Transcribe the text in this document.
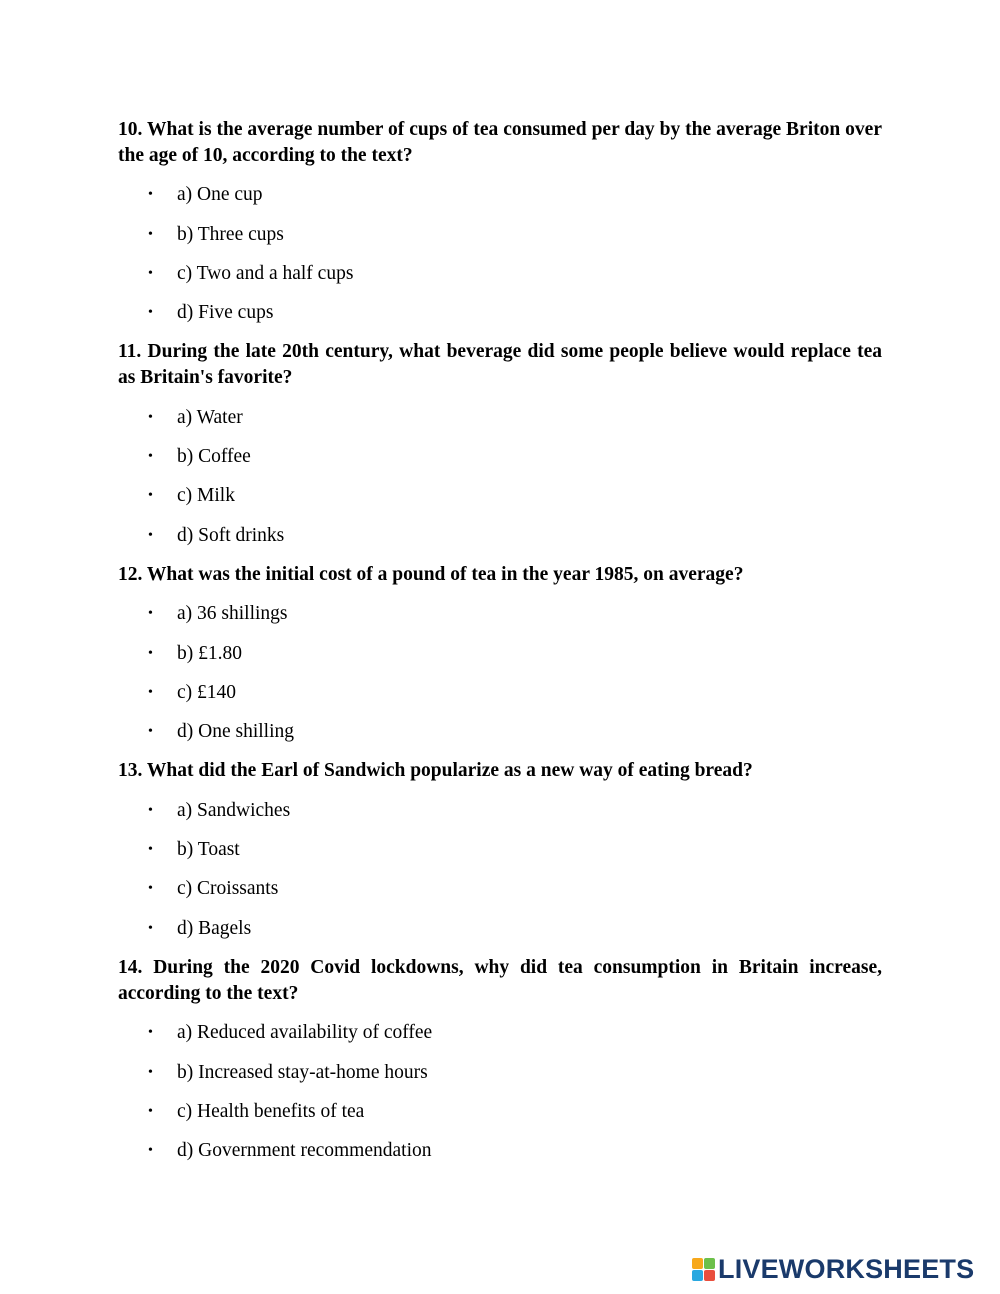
10. What is the average number of cups of tea consumed per day by the average Briton over the age of 10, according to the text?

• a) One cup
• b) Three cups
• c) Two and a half cups
• d) Five cups

11. During the late 20th century, what beverage did some people believe would replace tea as Britain's favorite?

• a) Water
• b) Coffee
• c) Milk
• d) Soft drinks

12. What was the initial cost of a pound of tea in the year 1985, on average?

• a) 36 shillings
• b) £1.80
• c) £140
• d) One shilling

13. What did the Earl of Sandwich popularize as a new way of eating bread?

• a) Sandwiches
• b) Toast
• c) Croissants
• d) Bagels

14. During the 2020 Covid lockdowns, why did tea consumption in Britain increase, according to the text?

• a) Reduced availability of coffee
• b) Increased stay-at-home hours
• c) Health benefits of tea
• d) Government recommendation
LIVEWORKSHEETS
